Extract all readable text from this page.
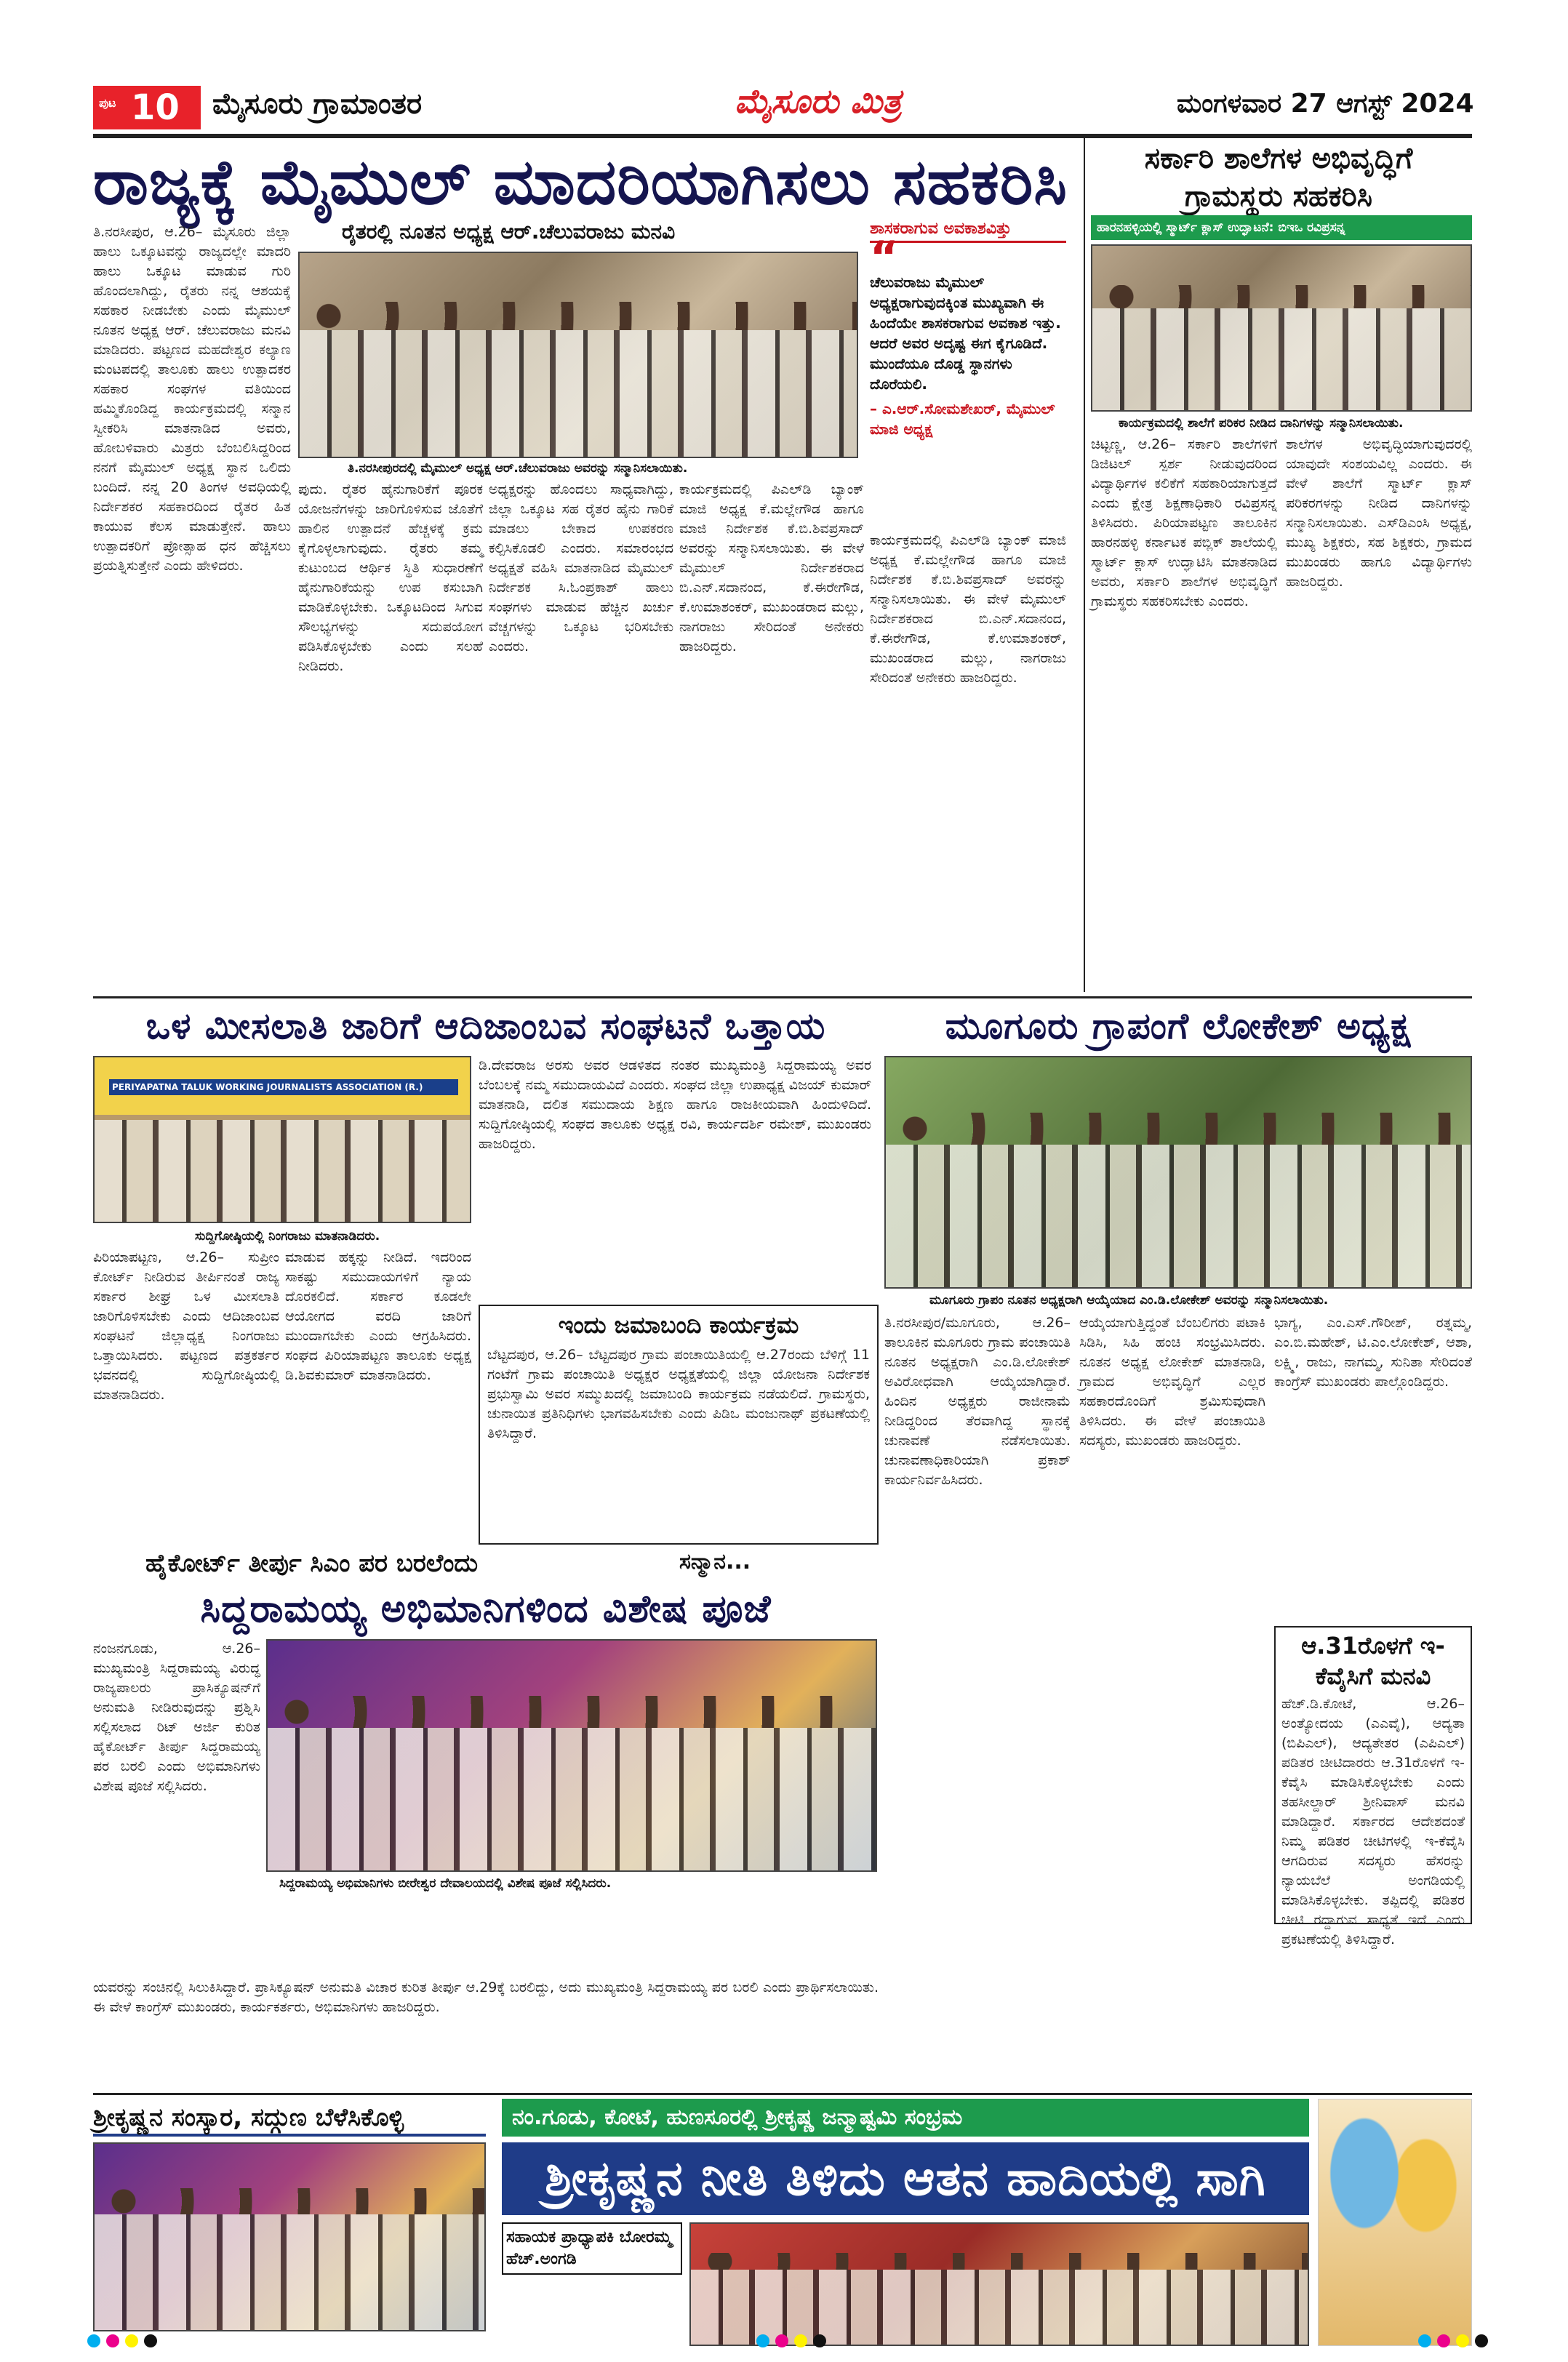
ಪುಟ 10 ಮೈಸೂರು ಗ್ರಾಮಾಂತರ	ಮೈಸೂರು ಮಿತ್ರ	ಮಂಗಳವಾರ 27 ಆಗಸ್ಟ್ 2024
ರಾಜ್ಯಕ್ಕೆ ಮೈಮುಲ್ ಮಾದರಿಯಾಗಿಸಲು ಸಹಕರಿಸಿ
ರೈತರಲ್ಲಿ ನೂತನ ಅಧ್ಯಕ್ಷ ಆರ್.ಚೆಲುವರಾಜು ಮನವಿ
ತಿ.ನರಸೀಪುರ, ಆ.26– ಮೈಸೂರು ಜಿಲ್ಲಾ ಹಾಲು ಒಕ್ಕೂಟವನ್ನು ರಾಜ್ಯದಲ್ಲೇ ಮಾದರಿ ಹಾಲು ಒಕ್ಕೂಟ ಮಾಡುವ ಗುರಿ ಹೊಂದಲಾಗಿದ್ದು, ರೈತರು ನನ್ನ ಆಶಯಕ್ಕೆ ಸಹಕಾರ ನೀಡಬೇಕು ಎಂದು ಮೈಮುಲ್ ನೂತನ ಅಧ್ಯಕ್ಷ ಆರ್. ಚೆಲುವರಾಜು ಮನವಿ ಮಾಡಿದರು. ಪಟ್ಟಣದ ಮಹದೇಶ್ವರ ಕಲ್ಯಾಣ ಮಂಟಪದಲ್ಲಿ ತಾಲೂಕು ಹಾಲು ಉತ್ಪಾದಕರ ಸಹಕಾರ ಸಂಘಗಳ ವತಿಯಿಂದ ಹಮ್ಮಿಕೊಂಡಿದ್ದ ಕಾರ್ಯಕ್ರಮದಲ್ಲಿ ಸನ್ಮಾನ ಸ್ವೀಕರಿಸಿ ಮಾತನಾಡಿದ ಅವರು, ಹೋಬಳಿವಾರು ಮಿತ್ರರು ಬೆಂಬಲಿಸಿದ್ದರಿಂದ ನನಗೆ ಮೈಮುಲ್ ಅಧ್ಯಕ್ಷ ಸ್ಥಾನ ಒಲಿದು ಬಂದಿದೆ. ನನ್ನ 20 ತಿಂಗಳ ಅವಧಿಯಲ್ಲಿ ನಿರ್ದೇಶಕರ ಸಹಕಾರದಿಂದ ರೈತರ ಹಿತ ಕಾಯುವ ಕೆಲಸ ಮಾಡುತ್ತೇನೆ. ಹಾಲು ಉತ್ಪಾದಕರಿಗೆ ಪ್ರೋತ್ಸಾಹ ಧನ ಹೆಚ್ಚಿಸಲು ಪ್ರಯತ್ನಿಸುತ್ತೇನೆ ಎಂದು ಹೇಳಿದರು.
ತಿ.ನರಸೀಪುರದಲ್ಲಿ ಮೈಮುಲ್ ಅಧ್ಯಕ್ಷ ಆರ್.ಚೆಲುವರಾಜು ಅವರನ್ನು ಸನ್ಮಾನಿಸಲಾಯಿತು.
ಪುದು. ರೈತರ ಹೈನುಗಾರಿಕೆಗೆ ಪೂರಕ ಯೋಜನೆಗಳನ್ನು ಜಾರಿಗೊಳಿಸುವ ಜೊತೆಗೆ ಹಾಲಿನ ಉತ್ಪಾದನೆ ಹೆಚ್ಚಳಕ್ಕೆ ಕ್ರಮ ಕೈಗೊಳ್ಳಲಾಗುವುದು. ರೈತರು ತಮ್ಮ ಕುಟುಂಬದ ಆರ್ಥಿಕ ಸ್ಥಿತಿ ಸುಧಾರಣೆಗೆ ಹೈನುಗಾರಿಕೆಯನ್ನು ಉಪ ಕಸುಬಾಗಿ ಮಾಡಿಕೊಳ್ಳಬೇಕು. ಒಕ್ಕೂಟದಿಂದ ಸಿಗುವ ಸೌಲಭ್ಯಗಳನ್ನು ಸದುಪಯೋಗ ಪಡಿಸಿಕೊಳ್ಳಬೇಕು ಎಂದು ಸಲಹೆ ನೀಡಿದರು.
ಅಧ್ಯಕ್ಷರನ್ನು ಹೊಂದಲು ಸಾಧ್ಯವಾಗಿದ್ದು, ಜಿಲ್ಲಾ ಒಕ್ಕೂಟ ಸಹ ರೈತರ ಹೈನು ಗಾರಿಕೆ ಮಾಡಲು ಬೇಕಾದ ಉಪಕರಣ ಕಲ್ಪಿಸಿಕೊಡಲಿ ಎಂದರು. ಸಮಾರಂಭದ ಅಧ್ಯಕ್ಷತೆ ವಹಿಸಿ ಮಾತನಾಡಿದ ಮೈಮುಲ್ ನಿರ್ದೇಶಕ ಸಿ.ಓಂಪ್ರಕಾಶ್ ಹಾಲು ಸಂಘಗಳು ಮಾಡುವ ಹೆಚ್ಚಿನ ಖರ್ಚು ವೆಚ್ಚಗಳನ್ನು ಒಕ್ಕೂಟ ಭರಿಸಬೇಕು ಎಂದರು.
ಕಾರ್ಯಕ್ರಮದಲ್ಲಿ ಪಿಎಲ್‌ಡಿ ಬ್ಯಾಂಕ್ ಮಾಜಿ ಅಧ್ಯಕ್ಷ ಕೆ.ಮಲ್ಲೇಗೌಡ ಹಾಗೂ ಮಾಜಿ ನಿರ್ದೇಶಕ ಕೆ.ಬಿ.ಶಿವಪ್ರಸಾದ್ ಅವರನ್ನು ಸನ್ಮಾನಿಸಲಾಯಿತು. ಈ ವೇಳೆ ಮೈಮುಲ್ ನಿರ್ದೇಶಕರಾದ ಬಿ.ಎನ್.ಸದಾನಂದ, ಕೆ.ಈರೇಗೌಡ, ಕೆ.ಉಮಾಶಂಕರ್, ಮುಖಂಡರಾದ ಮಲ್ಲು, ನಾಗರಾಜು ಸೇರಿದಂತೆ ಅನೇಕರು ಹಾಜರಿದ್ದರು.
ಶಾಸಕರಾಗುವ ಅವಕಾಶವಿತ್ತು
“
ಚೆಲುವರಾಜು ಮೈಮುಲ್ ಅಧ್ಯಕ್ಷರಾಗುವುದಕ್ಕಿಂತ ಮುಖ್ಯವಾಗಿ ಈ ಹಿಂದೆಯೇ ಶಾಸಕರಾಗುವ ಅವಕಾಶ ಇತ್ತು. ಆದರೆ ಅವರ ಅದೃಷ್ಟ ಈಗ ಕೈಗೂಡಿದೆ. ಮುಂದೆಯೂ ದೊಡ್ಡ ಸ್ಥಾನಗಳು ದೊರೆಯಲಿ.
– ಎ.ಆರ್.ಸೋಮಶೇಖರ್, ಮೈಮುಲ್ ಮಾಜಿ ಅಧ್ಯಕ್ಷ
ಕಾರ್ಯಕ್ರಮದಲ್ಲಿ ಪಿಎಲ್‌ಡಿ ಬ್ಯಾಂಕ್ ಮಾಜಿ ಅಧ್ಯಕ್ಷ ಕೆ.ಮಲ್ಲೇಗೌಡ ಹಾಗೂ ಮಾಜಿ ನಿರ್ದೇಶಕ ಕೆ.ಬಿ.ಶಿವಪ್ರಸಾದ್ ಅವರನ್ನು ಸನ್ಮಾನಿಸಲಾಯಿತು. ಈ ವೇಳೆ ಮೈಮುಲ್ ನಿರ್ದೇಶಕರಾದ ಬಿ.ಎನ್.ಸದಾನಂದ, ಕೆ.ಈರೇಗೌಡ, ಕೆ.ಉಮಾಶಂಕರ್, ಮುಖಂಡರಾದ ಮಲ್ಲು, ನಾಗರಾಜು ಸೇರಿದಂತೆ ಅನೇಕರು ಹಾಜರಿದ್ದರು.
ಸರ್ಕಾರಿ ಶಾಲೆಗಳ ಅಭಿವೃದ್ಧಿಗೆ ಗ್ರಾಮಸ್ಥರು ಸಹಕರಿಸಿ
ಹಾರನಹಳ್ಳಿಯಲ್ಲಿ ಸ್ಮಾರ್ಟ್ ಕ್ಲಾಸ್ ಉದ್ಘಾಟನೆ: ಬಿಇಒ ರವಿಪ್ರಸನ್ನ
ಕಾರ್ಯಕ್ರಮದಲ್ಲಿ ಶಾಲೆಗೆ ಪರಿಕರ ನೀಡಿದ ದಾನಿಗಳನ್ನು ಸನ್ಮಾನಿಸಲಾಯಿತು.
ಚಿಟ್ಟಣ್ಣ, ಆ.26– ಸರ್ಕಾರಿ ಶಾಲೆಗಳಿಗೆ ಡಿಜಿಟಲ್ ಸ್ಪರ್ಶ ನೀಡುವುದರಿಂದ ವಿದ್ಯಾರ್ಥಿಗಳ ಕಲಿಕೆಗೆ ಸಹಕಾರಿಯಾಗುತ್ತದೆ ಎಂದು ಕ್ಷೇತ್ರ ಶಿಕ್ಷಣಾಧಿಕಾರಿ ರವಿಪ್ರಸನ್ನ ತಿಳಿಸಿದರು. ಪಿರಿಯಾಪಟ್ಟಣ ತಾಲೂಕಿನ ಹಾರನಹಳ್ಳಿ ಕರ್ನಾಟಕ ಪಬ್ಲಿಕ್ ಶಾಲೆಯಲ್ಲಿ ಸ್ಮಾರ್ಟ್ ಕ್ಲಾಸ್ ಉದ್ಘಾಟಿಸಿ ಮಾತನಾಡಿದ ಅವರು, ಸರ್ಕಾರಿ ಶಾಲೆಗಳ ಅಭಿವೃದ್ಧಿಗೆ ಗ್ರಾಮಸ್ಥರು ಸಹಕರಿಸಬೇಕು ಎಂದರು.
ಶಾಲೆಗಳ ಅಭಿವೃದ್ಧಿಯಾಗುವುದರಲ್ಲಿ ಯಾವುದೇ ಸಂಶಯವಿಲ್ಲ ಎಂದರು. ಈ ವೇಳೆ ಶಾಲೆಗೆ ಸ್ಮಾರ್ಟ್ ಕ್ಲಾಸ್ ಪರಿಕರಗಳನ್ನು ನೀಡಿದ ದಾನಿಗಳನ್ನು ಸನ್ಮಾನಿಸಲಾಯಿತು. ಎಸ್‌ಡಿಎಂಸಿ ಅಧ್ಯಕ್ಷ, ಮುಖ್ಯ ಶಿಕ್ಷಕರು, ಸಹ ಶಿಕ್ಷಕರು, ಗ್ರಾಮದ ಮುಖಂಡರು ಹಾಗೂ ವಿದ್ಯಾರ್ಥಿಗಳು ಹಾಜರಿದ್ದರು.
ಒಳ ಮೀಸಲಾತಿ ಜಾರಿಗೆ ಆದಿಜಾಂಬವ ಸಂಘಟನೆ ಒತ್ತಾಯ
PERIYAPATNA TALUK WORKING JOURNALISTS ASSOCIATION (R.)
ಸುದ್ದಿಗೋಷ್ಠಿಯಲ್ಲಿ ನಿಂಗರಾಜು ಮಾತನಾಡಿದರು.
ಪಿರಿಯಾಪಟ್ಟಣ, ಆ.26– ಸುಪ್ರೀಂ ಕೋರ್ಟ್ ನೀಡಿರುವ ತೀರ್ಪಿನಂತೆ ರಾಜ್ಯ ಸರ್ಕಾರ ಶೀಘ್ರ ಒಳ ಮೀಸಲಾತಿ ಜಾರಿಗೊಳಿಸಬೇಕು ಎಂದು ಆದಿಜಾಂಬವ ಸಂಘಟನೆ ಜಿಲ್ಲಾಧ್ಯಕ್ಷ ನಿಂಗರಾಜು ಒತ್ತಾಯಿಸಿದರು. ಪಟ್ಟಣದ ಪತ್ರಕರ್ತರ ಭವನದಲ್ಲಿ ಸುದ್ದಿಗೋಷ್ಠಿಯಲ್ಲಿ ಮಾತನಾಡಿದರು.
ಮಾಡುವ ಹಕ್ಕನ್ನು ನೀಡಿದೆ. ಇದರಿಂದ ಸಾಕಷ್ಟು ಸಮುದಾಯಗಳಿಗೆ ನ್ಯಾಯ ದೊರಕಲಿದೆ. ಸರ್ಕಾರ ಕೂಡಲೇ ಆಯೋಗದ ವರದಿ ಜಾರಿಗೆ ಮುಂದಾಗಬೇಕು ಎಂದು ಆಗ್ರಹಿಸಿದರು. ಸಂಘದ ಪಿರಿಯಾಪಟ್ಟಣ ತಾಲೂಕು ಅಧ್ಯಕ್ಷ ಡಿ.ಶಿವಕುಮಾರ್ ಮಾತನಾಡಿದರು.
ಡಿ.ದೇವರಾಜ ಅರಸು ಅವರ ಆಡಳಿತದ ನಂತರ ಮುಖ್ಯಮಂತ್ರಿ ಸಿದ್ದರಾಮಯ್ಯ ಅವರ ಬೆಂಬಲಕ್ಕೆ ನಮ್ಮ ಸಮುದಾಯವಿದೆ ಎಂದರು. ಸಂಘದ ಜಿಲ್ಲಾ ಉಪಾಧ್ಯಕ್ಷ ವಿಜಯ್ ಕುಮಾರ್ ಮಾತನಾಡಿ, ದಲಿತ ಸಮುದಾಯ ಶಿಕ್ಷಣ ಹಾಗೂ ರಾಜಕೀಯವಾಗಿ ಹಿಂದುಳಿದಿದೆ. ಸುದ್ದಿಗೋಷ್ಠಿಯಲ್ಲಿ ಸಂಘದ ತಾಲೂಕು ಅಧ್ಯಕ್ಷ ರವಿ, ಕಾರ್ಯದರ್ಶಿ ರಮೇಶ್, ಮುಖಂಡರು ಹಾಜರಿದ್ದರು.
ಮೂಗೂರು ಗ್ರಾಪಂಗೆ ಲೋಕೇಶ್ ಅಧ್ಯಕ್ಷ
ಮೂಗೂರು ಗ್ರಾಪಂ ನೂತನ ಅಧ್ಯಕ್ಷರಾಗಿ ಆಯ್ಕೆಯಾದ ಎಂ.ಡಿ.ಲೋಕೇಶ್ ಅವರನ್ನು ಸನ್ಮಾನಿಸಲಾಯಿತು.
ತಿ.ನರಸೀಪುರ/ಮೂಗೂರು, ಆ.26– ತಾಲೂಕಿನ ಮೂಗೂರು ಗ್ರಾಮ ಪಂಚಾಯಿತಿ ನೂತನ ಅಧ್ಯಕ್ಷರಾಗಿ ಎಂ.ಡಿ.ಲೋಕೇಶ್ ಅವಿರೋಧವಾಗಿ ಆಯ್ಕೆಯಾಗಿದ್ದಾರೆ. ಹಿಂದಿನ ಅಧ್ಯಕ್ಷರು ರಾಜೀನಾಮೆ ನೀಡಿದ್ದರಿಂದ ತೆರವಾಗಿದ್ದ ಸ್ಥಾನಕ್ಕೆ ಚುನಾವಣೆ ನಡೆಸಲಾಯಿತು. ಚುನಾವಣಾಧಿಕಾರಿಯಾಗಿ ಪ್ರಕಾಶ್ ಕಾರ್ಯನಿರ್ವಹಿಸಿದರು.
ಆಯ್ಕೆಯಾಗುತ್ತಿದ್ದಂತೆ ಬೆಂಬಲಿಗರು ಪಟಾಕಿ ಸಿಡಿಸಿ, ಸಿಹಿ ಹಂಚಿ ಸಂಭ್ರಮಿಸಿದರು. ನೂತನ ಅಧ್ಯಕ್ಷ ಲೋಕೇಶ್ ಮಾತನಾಡಿ, ಗ್ರಾಮದ ಅಭಿವೃದ್ಧಿಗೆ ಎಲ್ಲರ ಸಹಕಾರದೊಂದಿಗೆ ಶ್ರಮಿಸುವುದಾಗಿ ತಿಳಿಸಿದರು. ಈ ವೇಳೆ ಪಂಚಾಯಿತಿ ಸದಸ್ಯರು, ಮುಖಂಡರು ಹಾಜರಿದ್ದರು.
ಭಾಗ್ಯ, ಎಂ.ಎಸ್.ಗೌರೀಶ್, ರತ್ನಮ್ಮ, ಎಂ.ಬಿ.ಮಹೇಶ್, ಟಿ.ಎಂ.ಲೋಕೇಶ್, ಆಶಾ, ಲಕ್ಷ್ಮಿ, ರಾಜು, ನಾಗಮ್ಮ, ಸುನಿತಾ ಸೇರಿದಂತೆ ಕಾಂಗ್ರೆಸ್ ಮುಖಂಡರು ಪಾಲ್ಗೊಂಡಿದ್ದರು.
ಇಂದು ಜಮಾಬಂದಿ ಕಾರ್ಯಕ್ರಮ
ಬೆಟ್ಟದಪುರ, ಆ.26– ಬೆಟ್ಟದಪುರ ಗ್ರಾಮ ಪಂಚಾಯಿತಿಯಲ್ಲಿ ಆ.27ರಂದು ಬೆಳಿಗ್ಗೆ 11 ಗಂಟೆಗೆ ಗ್ರಾಮ ಪಂಚಾಯಿತಿ ಅಧ್ಯಕ್ಷರ ಅಧ್ಯಕ್ಷತೆಯಲ್ಲಿ ಜಿಲ್ಲಾ ಯೋಜನಾ ನಿರ್ದೇಶಕ ಪ್ರಭುಸ್ವಾಮಿ ಅವರ ಸಮ್ಮುಖದಲ್ಲಿ ಜಮಾಬಂದಿ ಕಾರ್ಯಕ್ರಮ ನಡೆಯಲಿದೆ. ಗ್ರಾಮಸ್ಥರು, ಚುನಾಯಿತ ಪ್ರತಿನಿಧಿಗಳು ಭಾಗವಹಿಸಬೇಕು ಎಂದು ಪಿಡಿಒ ಮಂಜುನಾಥ್ ಪ್ರಕಟಣೆಯಲ್ಲಿ ತಿಳಿಸಿದ್ದಾರೆ.
ಹೈಕೋರ್ಟ್ ತೀರ್ಪು ಸಿಎಂ ಪರ ಬರಲೆಂದು
ಸಿದ್ದರಾಮಯ್ಯ ಅಭಿಮಾನಿಗಳಿಂದ ವಿಶೇಷ ಪೂಜೆ
ನಂಜನಗೂಡು, ಆ.26– ಮುಖ್ಯಮಂತ್ರಿ ಸಿದ್ದರಾಮಯ್ಯ ವಿರುದ್ಧ ರಾಜ್ಯಪಾಲರು ಪ್ರಾಸಿಕ್ಯೂಷನ್‌ಗೆ ಅನುಮತಿ ನೀಡಿರುವುದನ್ನು ಪ್ರಶ್ನಿಸಿ ಸಲ್ಲಿಸಲಾದ ರಿಟ್ ಅರ್ಜಿ ಕುರಿತ ಹೈಕೋರ್ಟ್ ತೀರ್ಪು ಸಿದ್ದರಾಮಯ್ಯ ಪರ ಬರಲಿ ಎಂದು ಅಭಿಮಾನಿಗಳು ವಿಶೇಷ ಪೂಜೆ ಸಲ್ಲಿಸಿದರು.
ಸಿದ್ದರಾಮಯ್ಯ ಅಭಿಮಾನಿಗಳು ಬೀರೇಶ್ವರ ದೇವಾಲಯದಲ್ಲಿ ವಿಶೇಷ ಪೂಜೆ ಸಲ್ಲಿಸಿದರು.
ಯವರನ್ನು ಸಂಚಿನಲ್ಲಿ ಸಿಲುಕಿಸಿದ್ದಾರೆ. ಪ್ರಾಸಿಕ್ಯೂಷನ್ ಅನುಮತಿ ವಿಚಾರ ಕುರಿತ ತೀರ್ಪು ಆ.29ಕ್ಕೆ ಬರಲಿದ್ದು, ಅದು ಮುಖ್ಯಮಂತ್ರಿ ಸಿದ್ದರಾಮಯ್ಯ ಪರ ಬರಲಿ ಎಂದು ಪ್ರಾರ್ಥಿಸಲಾಯಿತು. ಈ ವೇಳೆ ಕಾಂಗ್ರೆಸ್ ಮುಖಂಡರು, ಕಾರ್ಯಕರ್ತರು, ಅಭಿಮಾನಿಗಳು ಹಾಜರಿದ್ದರು.
ಸನ್ಮಾನ...
ಆ.31ರೊಳಗೆ ಇ-ಕೆವೈಸಿಗೆ ಮನವಿ
ಹೆಚ್.ಡಿ.ಕೋಟೆ, ಆ.26– ಅಂತ್ಯೋದಯ (ಎಎವೈ), ಆದ್ಯತಾ (ಬಿಪಿಎಲ್), ಆದ್ಯತೇತರ (ಎಪಿಎಲ್) ಪಡಿತರ ಚೀಟಿದಾರರು ಆ.31ರೊಳಗೆ ಇ-ಕೆವೈಸಿ ಮಾಡಿಸಿಕೊಳ್ಳಬೇಕು ಎಂದು ತಹಸೀಲ್ದಾರ್ ಶ್ರೀನಿವಾಸ್ ಮನವಿ ಮಾಡಿದ್ದಾರೆ. ಸರ್ಕಾರದ ಆದೇಶದಂತೆ ನಿಮ್ಮ ಪಡಿತರ ಚೀಟಿಗಳಲ್ಲಿ ಇ-ಕೆವೈಸಿ ಆಗದಿರುವ ಸದಸ್ಯರು ಹೆಸರನ್ನು ನ್ಯಾಯಬೆಲೆ ಅಂಗಡಿಯಲ್ಲಿ ಮಾಡಿಸಿಕೊಳ್ಳಬೇಕು. ತಪ್ಪಿದಲ್ಲಿ ಪಡಿತರ ಚೀಟಿ ರದ್ದಾಗುವ ಸಾಧ್ಯತೆ ಇದೆ ಎಂದು ಪ್ರಕಟಣೆಯಲ್ಲಿ ತಿಳಿಸಿದ್ದಾರೆ.
ಶ್ರೀಕೃಷ್ಣನ ಸಂಸ್ಕಾರ, ಸದ್ಗುಣ ಬೆಳೆಸಿಕೊಳ್ಳಿ	ನಂ.ಗೂಡು, ಕೋಟೆ, ಹುಣಸೂರಲ್ಲಿ ಶ್ರೀಕೃಷ್ಣ ಜನ್ಮಾಷ್ಟಮಿ ಸಂಭ್ರಮ
ಶ್ರೀಕೃಷ್ಣನ ನೀತಿ ತಿಳಿದು ಆತನ ಹಾದಿಯಲ್ಲಿ ಸಾಗಿ
ಸಹಾಯಕ ಪ್ರಾಧ್ಯಾಪಕಿ ಬೋರಮ್ಮ ಹೆಚ್.ಅಂಗಡಿ
